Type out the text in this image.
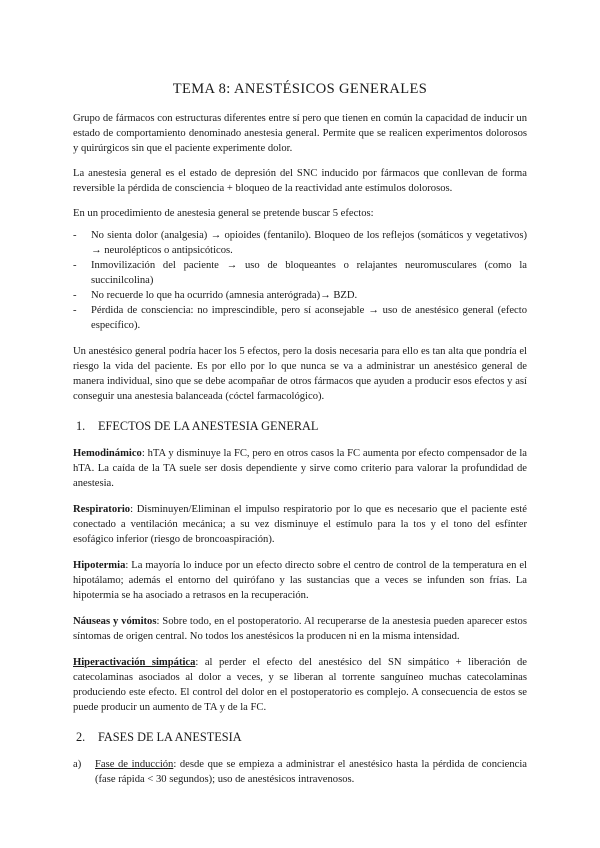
TEMA 8: ANESTÉSICOS GENERALES

Grupo de fármacos con estructuras diferentes entre sí pero que tienen en común la capacidad de inducir un estado de comportamiento denominado anestesia general. Permite que se realicen experimentos dolorosos y quirúrgicos sin que el paciente experimente dolor.

La anestesia general es el estado de depresión del SNC inducido por fármacos que conllevan de forma reversible la pérdida de consciencia + bloqueo de la reactividad ante estímulos dolorosos.

En un procedimiento de anestesia general se pretende buscar 5 efectos:

- No sienta dolor (analgesia) → opioides (fentanilo). Bloqueo de los reflejos (somáticos y vegetativos) → neurolépticos o antipsicóticos.
- Inmovilización del paciente → uso de bloqueantes o relajantes neuromusculares (como la succinilcolina)
- No recuerde lo que ha ocurrido (amnesia anterógrada)→ BZD.
- Pérdida de consciencia: no imprescindible, pero sí aconsejable → uso de anestésico general (efecto específico).

Un anestésico general podría hacer los 5 efectos, pero la dosis necesaria para ello es tan alta que pondría el riesgo la vida del paciente. Es por ello por lo que nunca se va a administrar un anestésico general de manera individual, sino que se debe acompañar de otros fármacos que ayuden a producir esos efectos y así conseguir una anestesia balanceada (cóctel farmacológico).

1. EFECTOS DE LA ANESTESIA GENERAL

Hemodinámico: hTA y disminuye la FC, pero en otros casos la FC aumenta por efecto compensador de la hTA. La caída de la TA suele ser dosis dependiente y sirve como criterio para valorar la profundidad de anestesia.

Respiratorio: Disminuyen/Eliminan el impulso respiratorio por lo que es necesario que el paciente esté conectado a ventilación mecánica; a su vez disminuye el estímulo para la tos y el tono del esfínter esofágico inferior (riesgo de broncoaspiración).

Hipotermia: La mayoría lo induce por un efecto directo sobre el centro de control de la temperatura en el hipotálamo; además el entorno del quirófano y las sustancias que a veces se infunden son frías. La hipotermia se ha asociado a retrasos en la recuperación.

Náuseas y vómitos: Sobre todo, en el postoperatorio. Al recuperarse de la anestesia pueden aparecer estos síntomas de origen central. No todos los anestésicos la producen ni en la misma intensidad.

Hiperactivación simpática: al perder el efecto del anestésico del SN simpático + liberación de catecolaminas asociados al dolor a veces, y se liberan al torrente sanguíneo muchas catecolaminas produciendo este efecto. El control del dolor en el postoperatorio es complejo. A consecuencia de estos se puede producir un aumento de TA y de la FC.

2. FASES DE LA ANESTESIA
a) Fase de inducción: desde que se empieza a administrar el anestésico hasta la pérdida de conciencia (fase rápida < 30 segundos); uso de anestésicos intravenosos.
